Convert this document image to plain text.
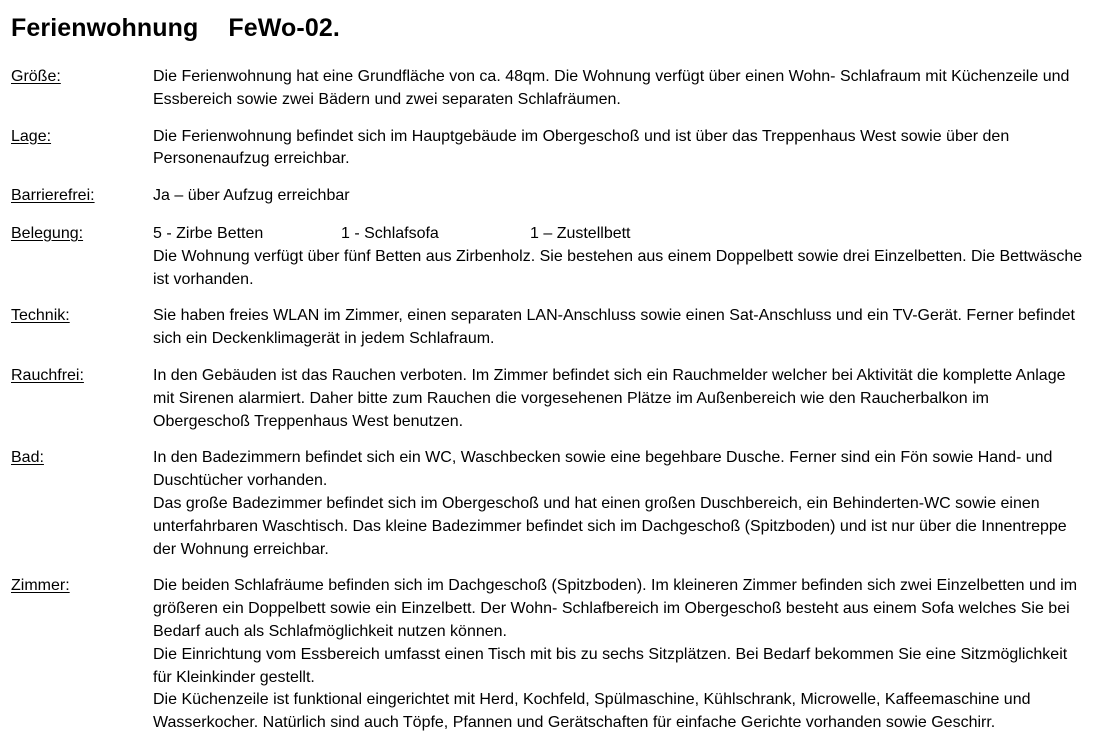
Ferienwohnung FeWo-02.
Größe:	Die Ferienwohnung hat eine Grundfläche von ca. 48qm. Die Wohnung verfügt über einen Wohn- Schlafraum mit Küchenzeile und Essbereich sowie zwei Bädern und zwei separaten Schlafräumen.

Lage:	Die Ferienwohnung befindet sich im Hauptgebäude im Obergeschoß und ist über das Treppenhaus West sowie über den Personenaufzug erreichbar.

Barrierefrei:	Ja – über Aufzug erreichbar

Belegung:	5 - Zirbe Betten	1 - Schlafsofa	1 – Zustellbett

Die Wohnung verfügt über fünf Betten aus Zirbenholz. Sie bestehen aus einem Doppelbett sowie drei Einzelbetten. Die Bettwäsche ist vorhanden.

Technik:	Sie haben freies WLAN im Zimmer, einen separaten LAN-Anschluss sowie einen Sat-Anschluss und ein TV-Gerät. Ferner befindet sich ein Deckenklimagerät in jedem Schlafraum.

Rauchfrei:	In den Gebäuden ist das Rauchen verboten. Im Zimmer befindet sich ein Rauchmelder welcher bei Aktivität die komplette Anlage mit Sirenen alarmiert. Daher bitte zum Rauchen die vorgesehenen Plätze im Außenbereich wie den Raucherbalkon im Obergeschoß Treppenhaus West benutzen.

Bad:	In den Badezimmern befindet sich ein WC, Waschbecken sowie eine begehbare Dusche. Ferner sind ein Fön sowie Hand- und Duschtücher vorhanden.

Das große Badezimmer befindet sich im Obergeschoß und hat einen großen Duschbereich, ein Behinderten-WC sowie einen unterfahrbaren Waschtisch. Das kleine Badezimmer befindet sich im Dachgeschoß (Spitzboden) und ist nur über die Innentreppe der Wohnung erreichbar.

Zimmer:	Die beiden Schlafräume befinden sich im Dachgeschoß (Spitzboden). Im kleineren Zimmer befinden sich zwei Einzelbetten und im größeren ein Doppelbett sowie ein Einzelbett. Der Wohn- Schlafbereich im Obergeschoß besteht aus einem Sofa welches Sie bei Bedarf auch als Schlafmöglichkeit nutzen können.

Die Einrichtung vom Essbereich umfasst einen Tisch mit bis zu sechs Sitzplätzen. Bei Bedarf bekommen Sie eine Sitzmöglichkeit für Kleinkinder gestellt.

Die Küchenzeile ist funktional eingerichtet mit Herd, Kochfeld, Spülmaschine, Kühlschrank, Microwelle, Kaffeemaschine und Wasserkocher. Natürlich sind auch Töpfe, Pfannen und Gerätschaften für einfache Gerichte vorhanden sowie Geschirr.
